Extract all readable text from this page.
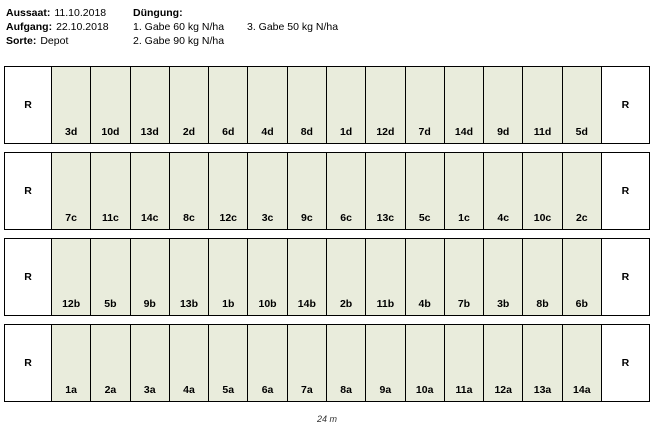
Aussaat: 11.10.2018
Aufgang: 22.10.2018
Sorte: Depot
Düngung:
1. Gabe 60 kg N/ha 3. Gabe 50 kg N/ha
2. Gabe 90 kg N/ha
R
3d	10d	13d	2d	6d	4d	8d	1d	12d	7d	14d	9d	11d	5d
R
R
7c	11c	14c	8c	12c	3c	9c	6c	13c	5c	1c	4c	10c	2c
R
R
12b	5b	9b	13b	1b	10b	14b	2b	11b	4b	7b	3b	8b	6b
R
R
1a	2a	3a	4a	5a	6a	7a	8a	9a	10a	11a	12a	13a	14a
R
24 m
